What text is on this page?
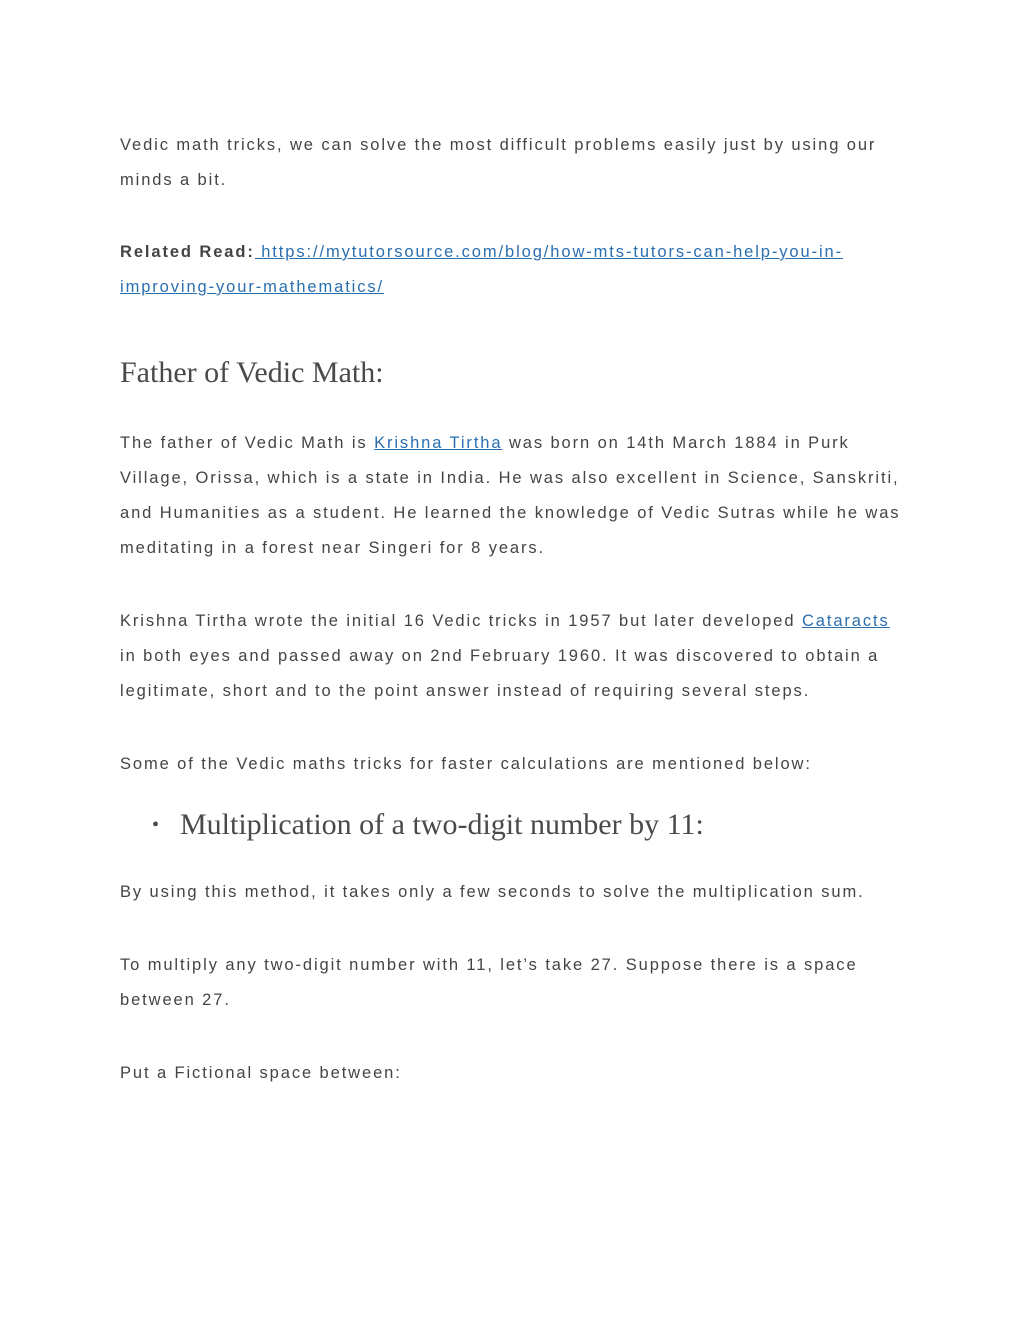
Vedic math tricks, we can solve the most difficult problems easily just by using our minds a bit.

Related Read: https://mytutorsource.com/blog/how-mts-tutors-can-help-you-in-improving-your-mathematics/

Father of Vedic Math:

The father of Vedic Math is Krishna Tirtha was born on 14th March 1884 in Purk Village, Orissa, which is a state in India. He was also excellent in Science, Sanskriti, and Humanities as a student. He learned the knowledge of Vedic Sutras while he was meditating in a forest near Singeri for 8 years.

Krishna Tirtha wrote the initial 16 Vedic tricks in 1957 but later developed Cataracts in both eyes and passed away on 2nd February 1960. It was discovered to obtain a legitimate, short and to the point answer instead of requiring several steps.

Some of the Vedic maths tricks for faster calculations are mentioned below:

• Multiplication of a two-digit number by 11:

By using this method, it takes only a few seconds to solve the multiplication sum.

To multiply any two-digit number with 11, let’s take 27. Suppose there is a space between 27.

Put a Fictional space between:
